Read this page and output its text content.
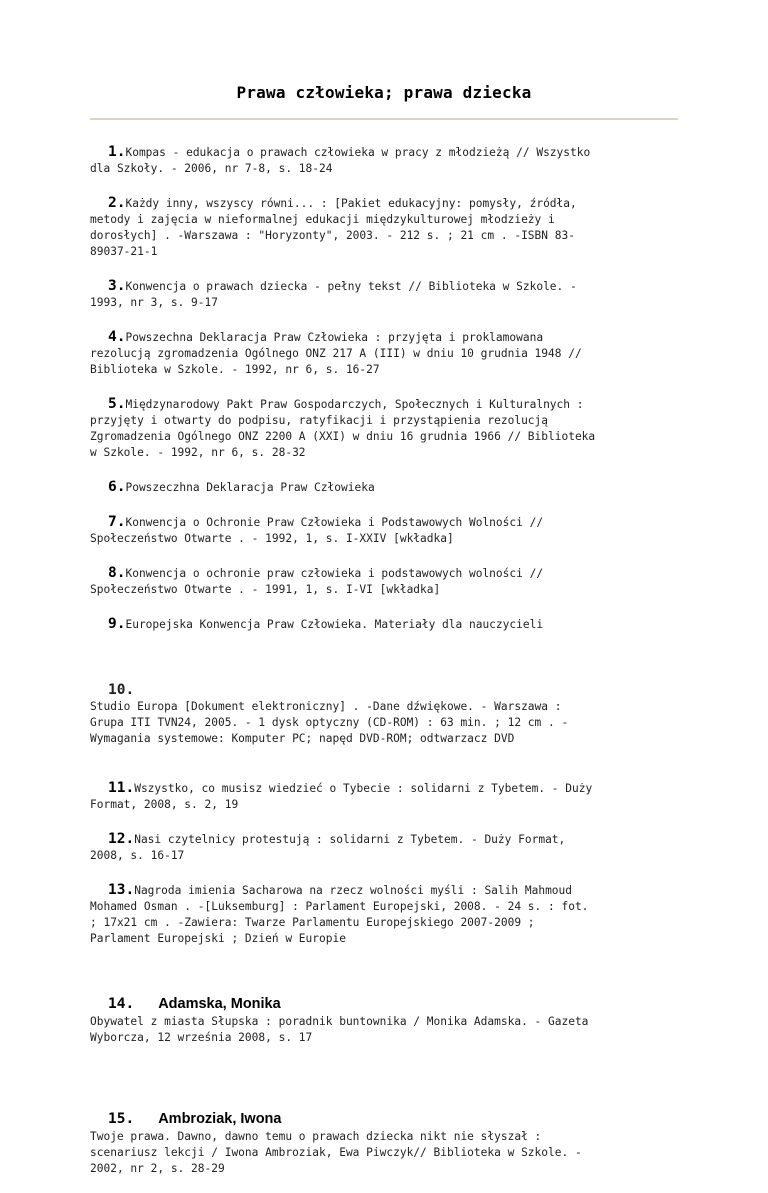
Prawa człowieka; prawa dziecka

1.Kompas - edukacja o prawach człowieka w pracy z młodzieżą // Wszystko
dla Szkoły. - 2006, nr 7-8, s. 18-24

2.Każdy inny, wszyscy równi... : [Pakiet edukacyjny: pomysły, źródła,
metody i zajęcia w nieformalnej edukacji międzykulturowej młodzieży i
dorosłych] . -Warszawa : "Horyzonty", 2003. - 212 s. ; 21 cm . -ISBN 83-
89037-21-1

3.Konwencja o prawach dziecka - pełny tekst // Biblioteka w Szkole. -
1993, nr 3, s. 9-17

4.Powszechna Deklaracja Praw Człowieka : przyjęta i proklamowana
rezolucją zgromadzenia Ogólnego ONZ 217 A (III) w dniu 10 grudnia 1948 //
Biblioteka w Szkole. - 1992, nr 6, s. 16-27

5.Międzynarodowy Pakt Praw Gospodarczych, Społecznych i Kulturalnych :
przyjęty i otwarty do podpisu, ratyfikacji i przystąpienia rezolucją
Zgromadzenia Ogólnego ONZ 2200 A (XXI) w dniu 16 grudnia 1966 // Biblioteka
w Szkole. - 1992, nr 6, s. 28-32

6.Powszeczhna Deklaracja Praw Człowieka

7.Konwencja o Ochronie Praw Człowieka i Podstawowych Wolności //
Społeczeństwo Otwarte . - 1992, 1, s. I-XXIV [wkładka]

8.Konwencja o ochronie praw człowieka i podstawowych wolności //
Społeczeństwo Otwarte . - 1991, 1, s. I-VI [wkładka]

9.Europejska Konwencja Praw Człowieka. Materiały dla nauczycieli

10.
Studio Europa [Dokument elektroniczny] . -Dane dźwiękowe. - Warszawa :
Grupa ITI TVN24, 2005. - 1 dysk optyczny (CD-ROM) : 63 min. ; 12 cm . -
Wymagania systemowe: Komputer PC; napęd DVD-ROM; odtwarzacz DVD

11.Wszystko, co musisz wiedzieć o Tybecie : solidarni z Tybetem. - Duży
Format, 2008, s. 2, 19

12.Nasi czytelnicy protestują : solidarni z Tybetem. - Duży Format,
2008, s. 16-17

13.Nagroda imienia Sacharowa na rzecz wolności myśli : Salih Mahmoud
Mohamed Osman . -[Luksemburg] : Parlament Europejski, 2008. - 24 s. : fot.
; 17x21 cm . -Zawiera: Twarze Parlamentu Europejskiego 2007-2009 ;
Parlament Europejski ; Dzień w Europie

14. Adamska, Monika
Obywatel z miasta Słupska : poradnik buntownika / Monika Adamska. - Gazeta
Wyborcza, 12 września 2008, s. 17

15. Ambroziak, Iwona
Twoje prawa. Dawno, dawno temu o prawach dziecka nikt nie słyszał :
scenariusz lekcji / Iwona Ambroziak, Ewa Piwczyk// Biblioteka w Szkole. -
2002, nr 2, s. 28-29
